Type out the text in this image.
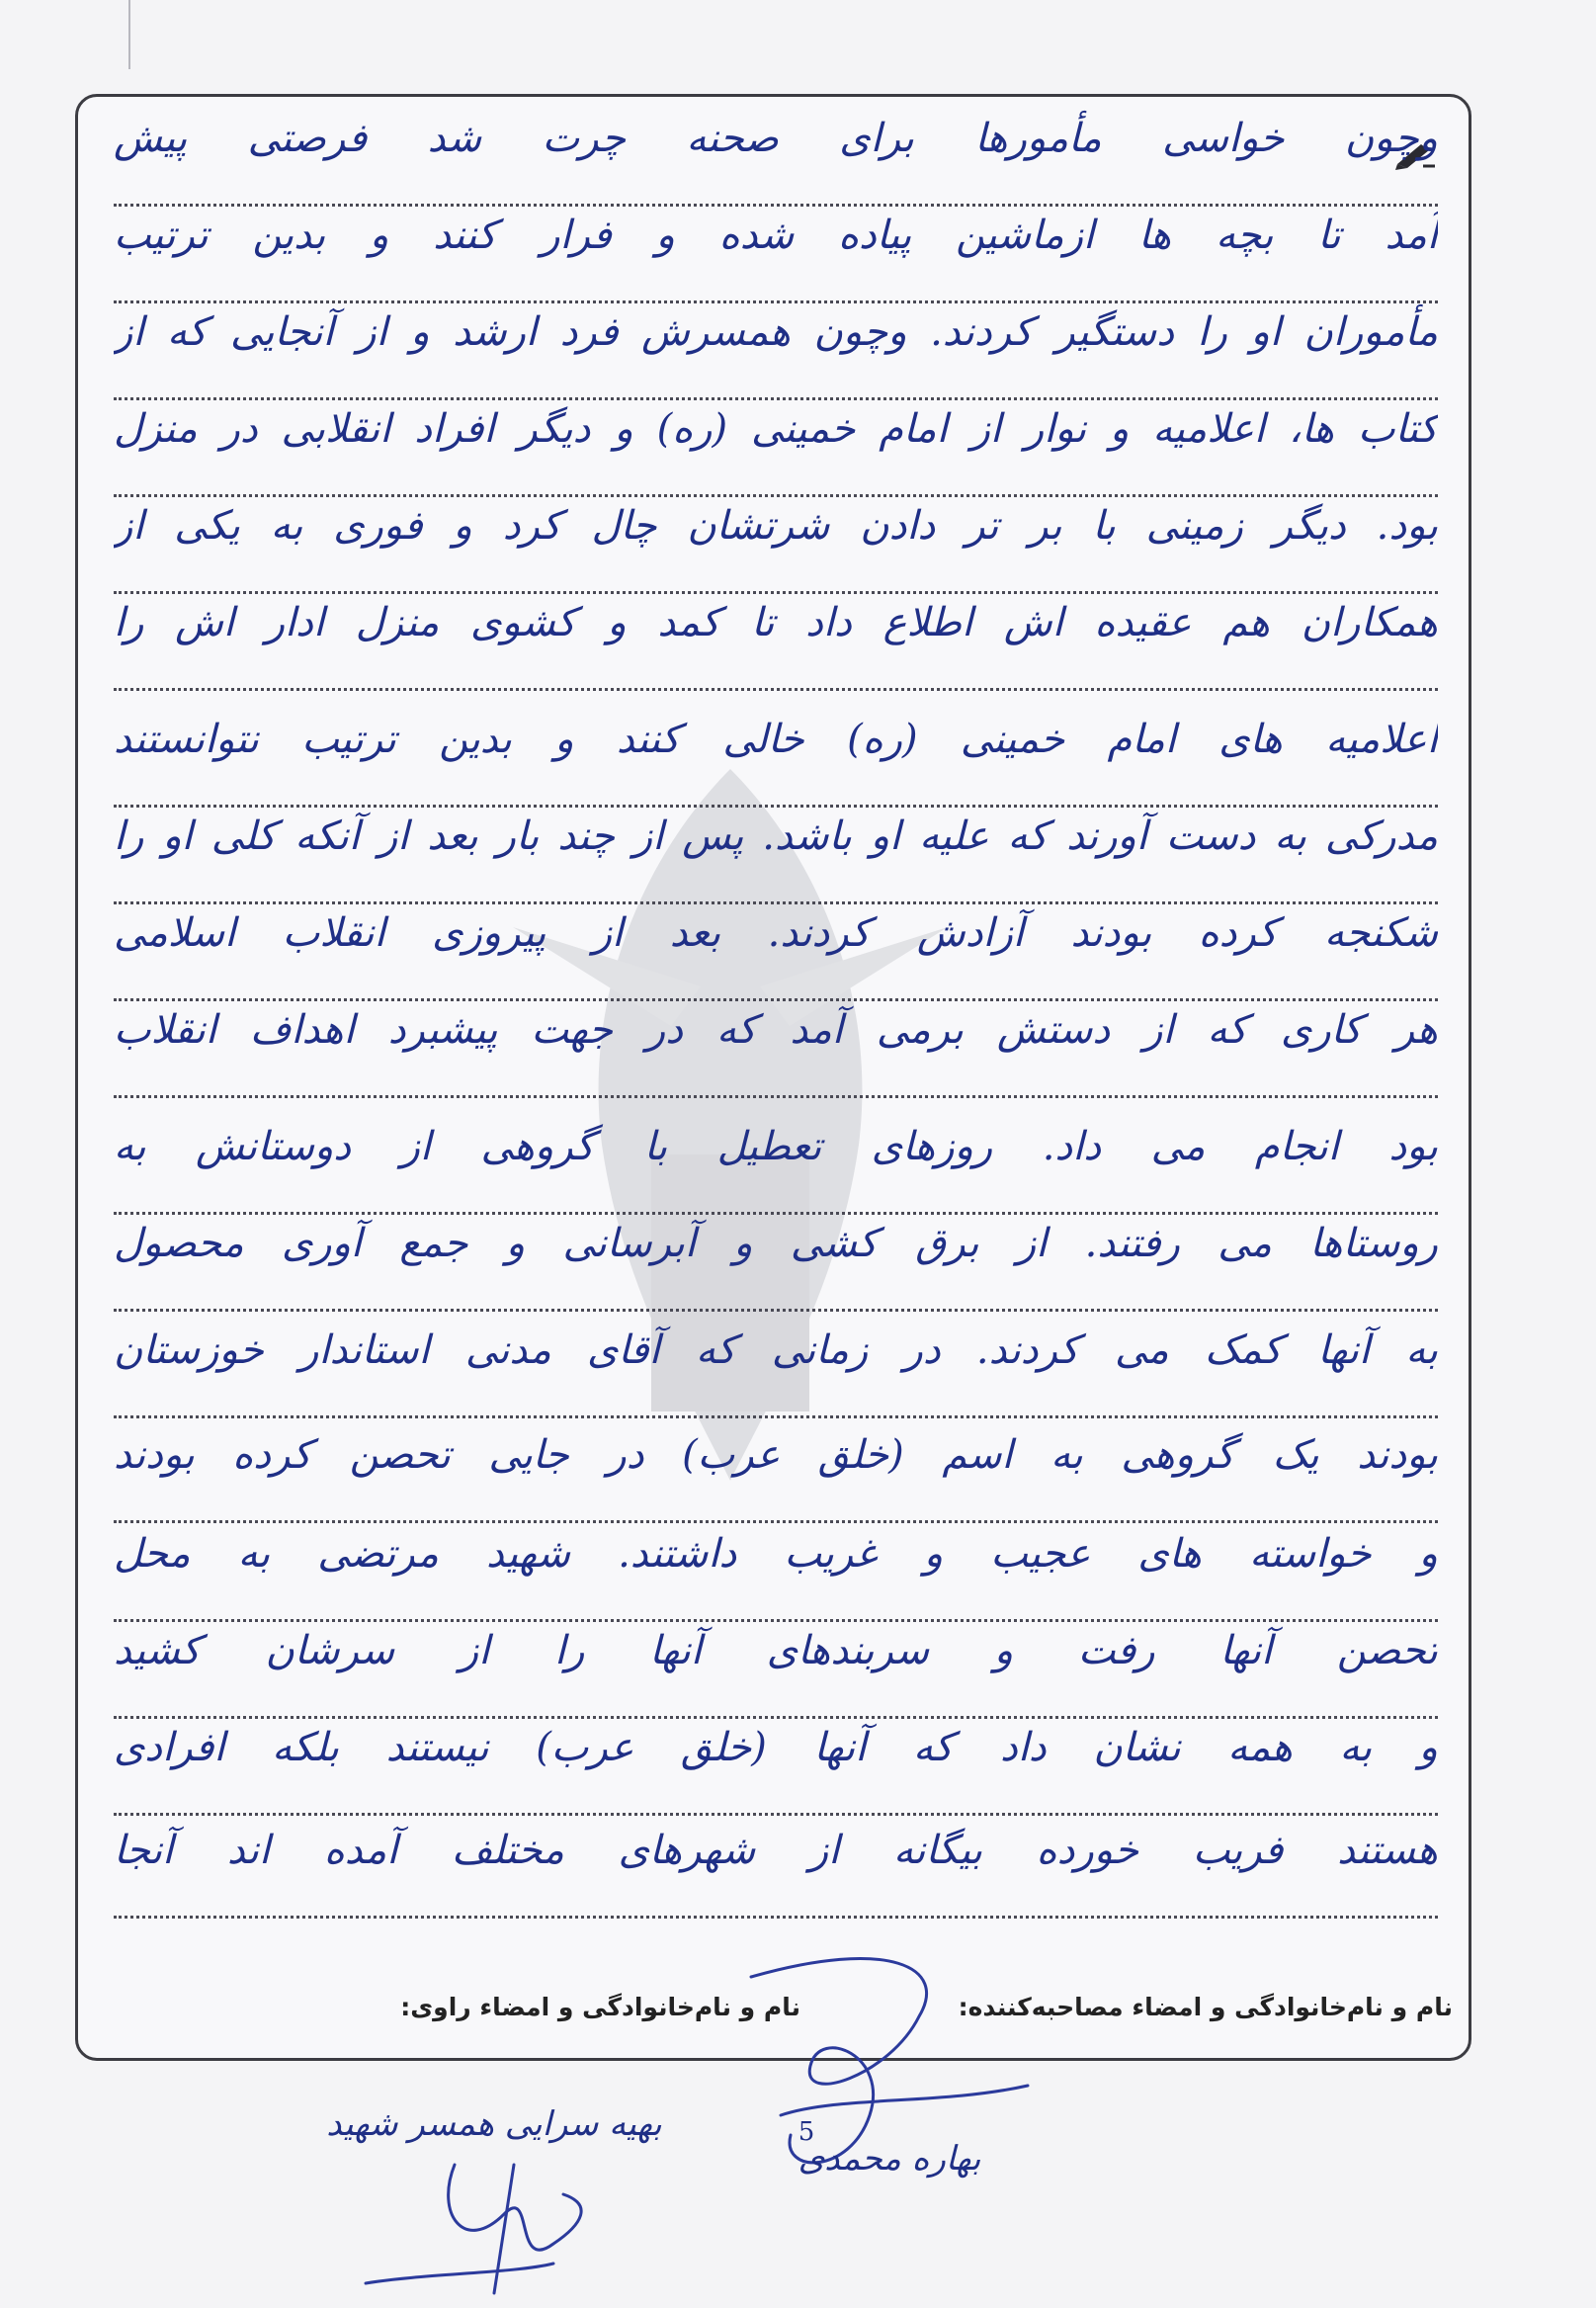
وچون خواسی مأمورها برای صحنه چرت شد فرصتی پیش
آمد تا بچه ها ازماشین پیاده شده و فرار کنند و بدین ترتیب
مأموران او را دستگیر کردند. وچون همسرش فرد ارشد و از آنجایی که از
کتاب ها، اعلامیه و نوار از امام خمینی (ره) و دیگر افراد انقلابی در منزل
بود. دیگر زمینی با بر تر دادن شرتشان چال کرد و فوری به یکی از
همکاران هم عقیده اش اطلاع داد تا کمد و کشوی منزل ادار اش را
اعلامیه های امام خمینی (ره) خالی کنند و بدین ترتیب نتوانستند
مدرکی به دست آورند که علیه او باشد. پس از چند بار بعد از آنکه کلی او را
شکنجه کرده بودند آزادش کردند. بعد از پیروزی انقلاب اسلامی
هر کاری که از دستش برمی آمد که در جهت پیشبرد اهداف انقلاب
بود انجام می داد. روزهای تعطیل با گروهی از دوستانش به
روستاها می رفتند. از برق کشی و آبرسانی و جمع آوری محصول
به آنها کمک می کردند. در زمانی که آقای مدنی استاندار خوزستان
بودند یک گروهی به اسم (خلق عرب) در جایی تحصن کرده بودند
و خواسته های عجیب و غریب داشتند. شهید مرتضی به محل
تحصن آنها رفت و سربندهای آنها را از سرشان کشید
و به همه نشان داد که آنها (خلق عرب) نیستند بلکه افرادی
هستند فریب خورده بیگانه از شهرهای مختلف آمده اند آنجا
نام و نام‌خانوادگی و امضاء مصاحبه‌کننده:
نام و نام‌خانوادگی و امضاء راوی:
بهاره محمدی
5
بهیه سرایی همسر شهید
